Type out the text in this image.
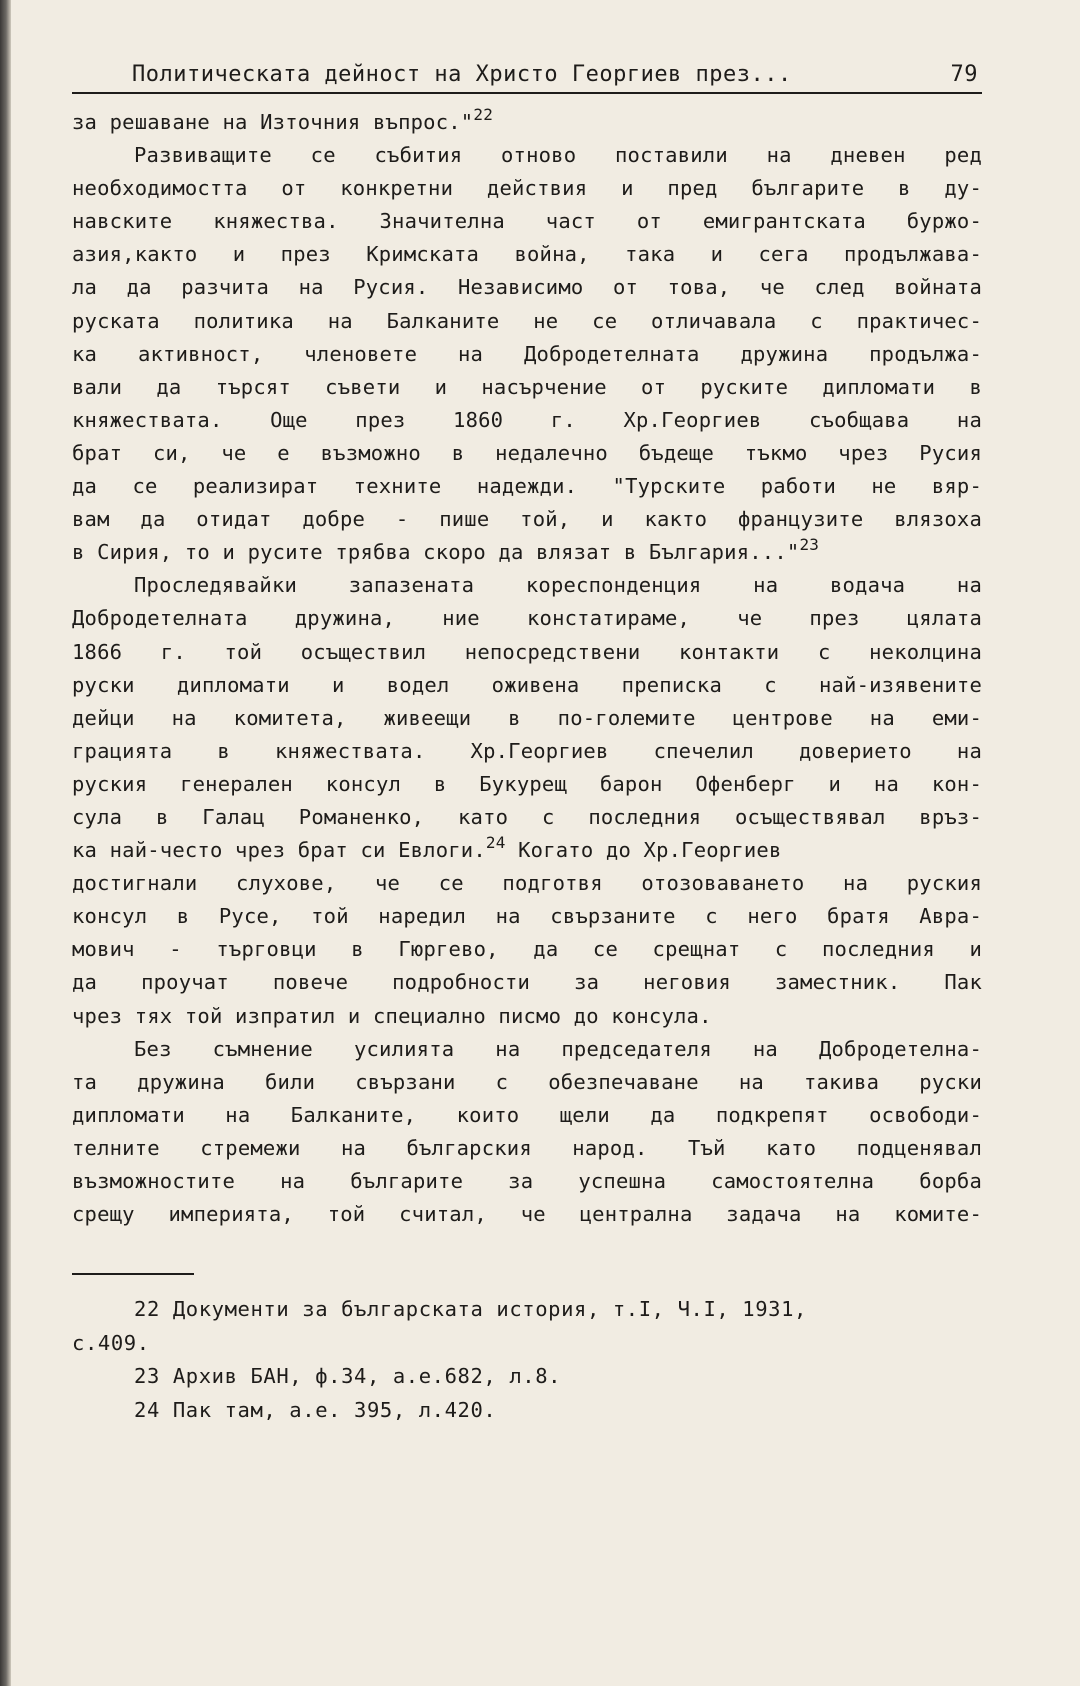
Политическата дейност на Христо Георгиев през...	79
за решаване на Източния въпрос."$^{22}$
Развиващите се събития отново поставили на дневен ред
необходимостта от конкретни действия и пред българите в ду-
навските княжества. Значителна част от емигрантската буржо-
азия,както и през Кримската война, така и сега продължава-
ла да разчита на Русия. Независимо от това, че след войната
руската политика на Балканите не се отличавала с практичес-
ка активност, членовете на Добродетелната дружина продължа-
вали да търсят съвети и насърчение от руските дипломати в
княжествата. Още през 1860 г. Хр.Георгиев съобщава на
брат си, че е възможно в недалечно бъдеще тъкмо чрез Русия
да се реализират техните надежди. "Турските работи не вяр-
вам да отидат добре - пише той, и както французите влязоха
в Сирия, то и русите трябва скоро да влязат в България..."$^{23}$
Проследявайки запазената кореспонденция на водача на
Добродетелната дружина, ние констатираме, че през цялата
1866 г. той осъществил непосредствени контакти с неколцина
руски дипломати и водел оживена преписка с най-изявените
дейци на комитета, живеещи в по-големите центрове на еми-
грацията в княжествата. Хр.Георгиев спечелил доверието на
руския генерален консул в Букурещ барон Офенберг и на кон-
сула в Галац Романенко, като с последния осъществявал връз-
ка най-често чрез брат си Евлоги.$^{24}$ Когато до Хр.Георгиев
достигнали слухове, че се подготвя отозоваването на руския
консул в Русе, той наредил на свързаните с него братя Авра-
мович - търговци в Гюргево, да се срещнат с последния и
да проучат повече подробности за неговия заместник. Пак
чрез тях той изпратил и специално писмо до консула.
Без съмнение усилията на председателя на Добродетелна-
та дружина били свързани с обезпечаване на такива руски
дипломати на Балканите, които щели да подкрепят освободи-
телните стремежи на българския народ. Тъй като подценявал
възможностите на българите за успешна самостоятелна борба
срещу империята, той считал, че централна задача на комите-
22 Документи за българската история, т.I, Ч.I, 1931,
с.409.
23 Архив БАН, ф.34, а.е.682, л.8.
24 Пак там, а.е. 395, л.420.
